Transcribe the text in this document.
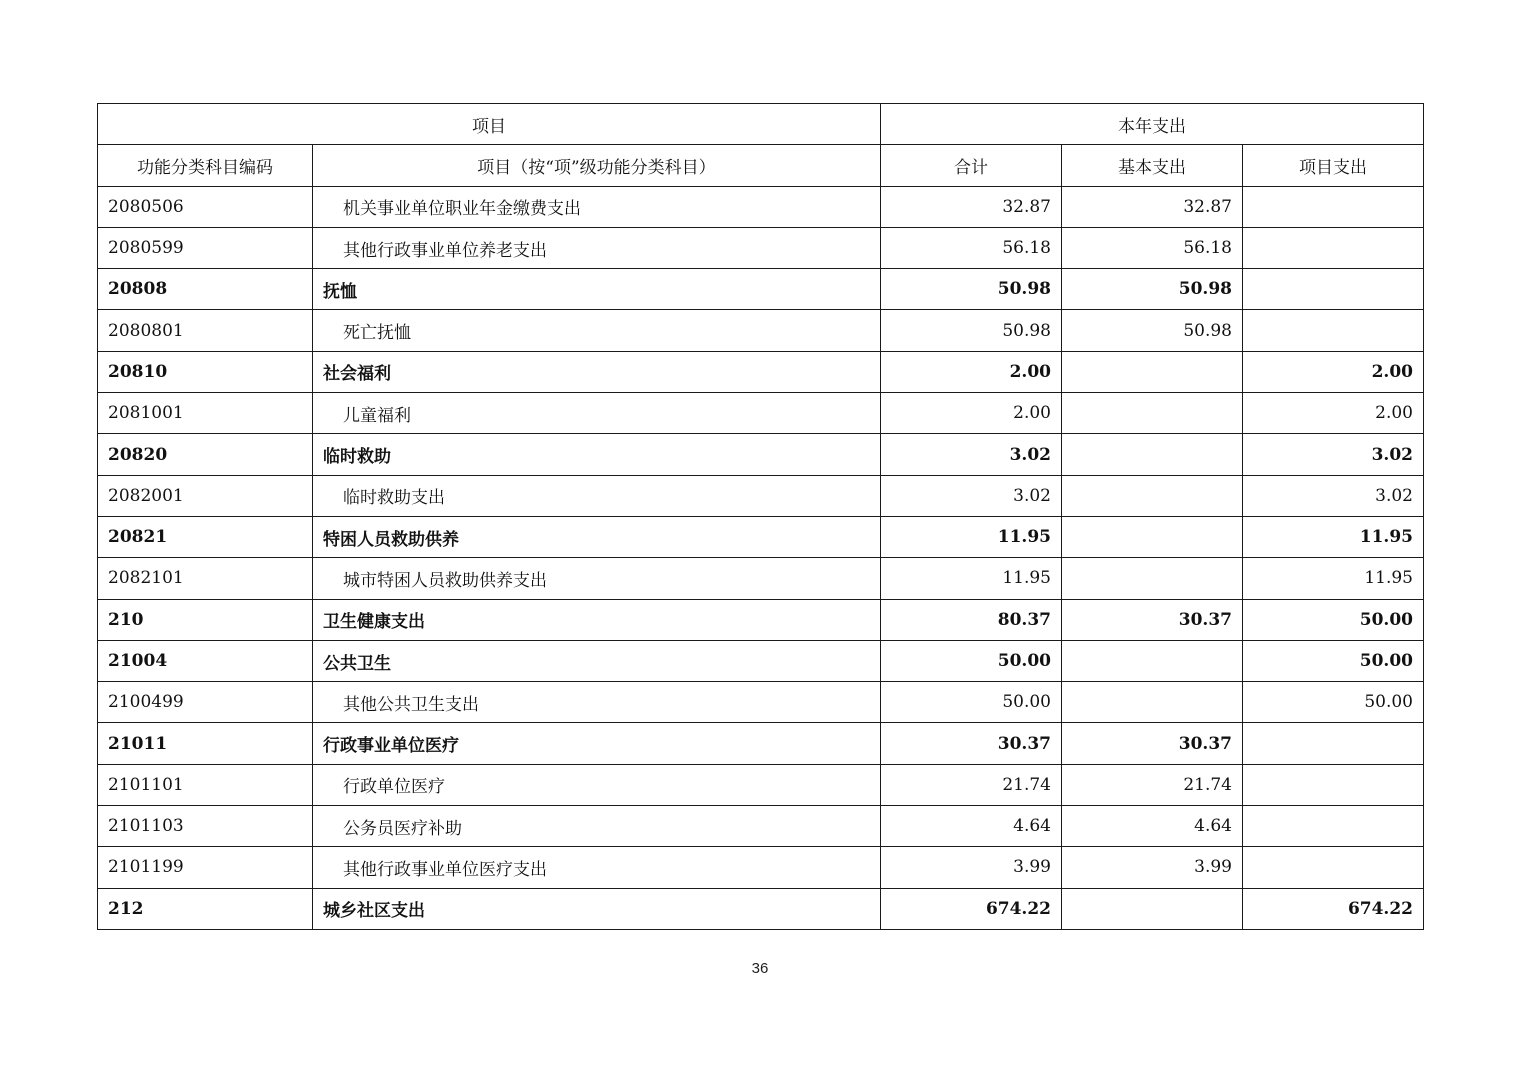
项目		本年支出		
功能分类科目编码	项目（按“项”级功能分类科目）	合计	基本支出	项目支出
2080506	机关事业单位职业年金缴费支出	32.87	32.87	
2080599	其他行政事业单位养老支出	56.18	56.18	
20808	抚恤	50.98	50.98	
2080801	死亡抚恤	50.98	50.98	
20810	社会福利	2.00		2.00
2081001	儿童福利	2.00		2.00
20820	临时救助	3.02		3.02
2082001	临时救助支出	3.02		3.02
20821	特困人员救助供养	11.95		11.95
2082101	城市特困人员救助供养支出	11.95		11.95
210	卫生健康支出	80.37	30.37	50.00
21004	公共卫生	50.00		50.00
2100499	其他公共卫生支出	50.00		50.00
21011	行政事业单位医疗	30.37	30.37	
2101101	行政单位医疗	21.74	21.74	
2101103	公务员医疗补助	4.64	4.64	
2101199	其他行政事业单位医疗支出	3.99	3.99	
212	城乡社区支出	674.22		674.22
36
